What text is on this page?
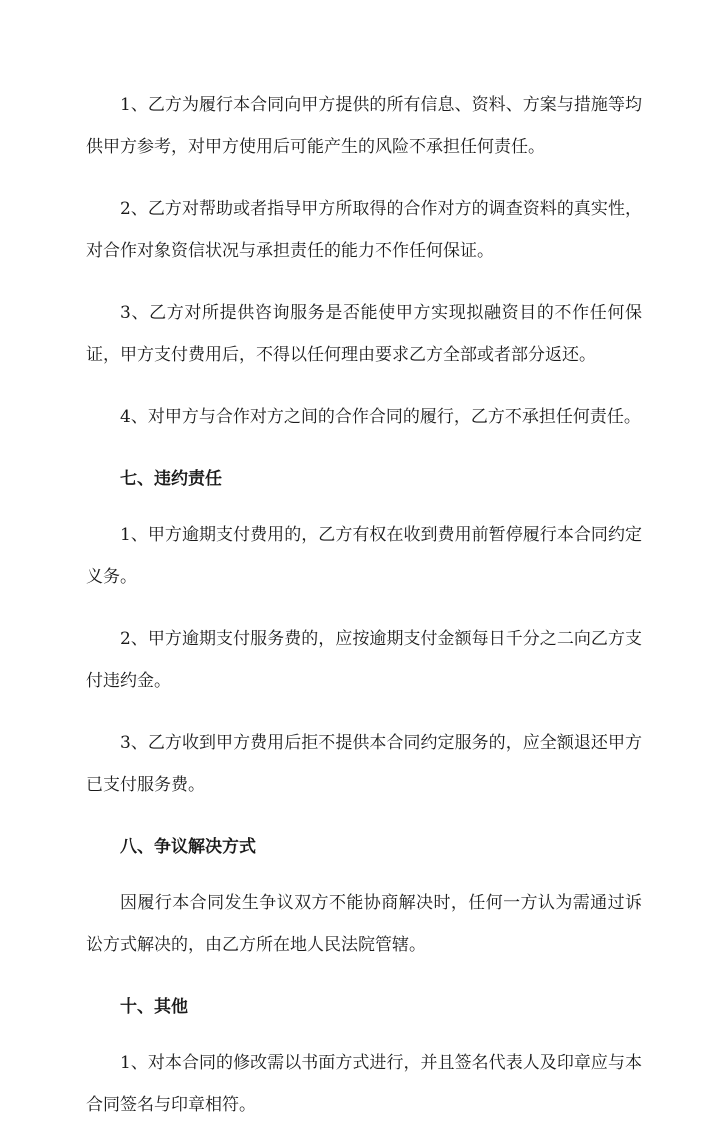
1、乙方为履行本合同向甲方提供的所有信息、资料、方案与措施等均供甲方参考，对甲方使用后可能产生的风险不承担任何责任。

2、乙方对帮助或者指导甲方所取得的合作对方的调查资料的真实性，对合作对象资信状况与承担责任的能力不作任何保证。

3、乙方对所提供咨询服务是否能使甲方实现拟融资目的不作任何保证，甲方支付费用后，不得以任何理由要求乙方全部或者部分返还。

4、对甲方与合作对方之间的合作合同的履行，乙方不承担任何责任。

七、违约责任

1、甲方逾期支付费用的，乙方有权在收到费用前暂停履行本合同约定义务。

2、甲方逾期支付服务费的，应按逾期支付金额每日千分之二向乙方支付违约金。

3、乙方收到甲方费用后拒不提供本合同约定服务的，应全额退还甲方已支付服务费。

八、争议解决方式

因履行本合同发生争议双方不能协商解决时，任何一方认为需通过诉讼方式解决的，由乙方所在地人民法院管辖。

十、其他

1、对本合同的修改需以书面方式进行，并且签名代表人及印章应与本合同签名与印章相符。
